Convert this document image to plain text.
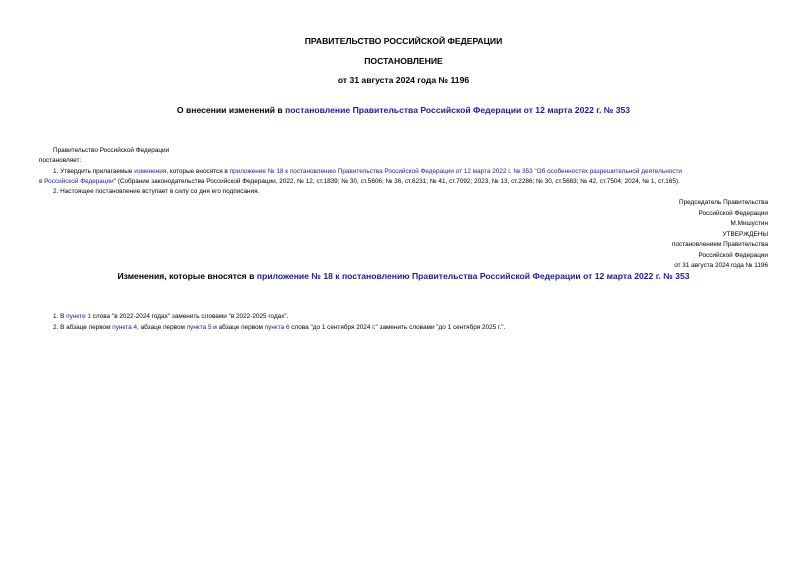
ПРАВИТЕЛЬСТВО РОССИЙСКОЙ ФЕДЕРАЦИИ
ПОСТАНОВЛЕНИЕ
от 31 августа 2024 года № 1196
О внесении изменений в постановление Правительства Российской Федерации от 12 марта 2022 г. № 353
Правительство Российской Федерации
постановляет:
1. Утвердить прилагаемые изменения, которые вносятся в приложение № 18 к постановлению Правительства Российской Федерации от 12 марта 2022 г. № 353 "Об особенностях разрешительной деятельности
в Российской Федерации" (Собрание законодательства Российской Федерации, 2022, № 12, ст.1839; № 30, ст.5606; № 36, ст.6231; № 41, ст.7092; 2023, № 13, ст.2286; № 30, ст.5683; № 42, ст.7504; 2024, № 1, ст.165).
2. Настоящее постановление вступает в силу со дня его подписания.
Председатель Правительства
Российской Федерации
М.Мишустин
УТВЕРЖДЕНЫ
постановлением Правительства
Российской Федерации
от 31 августа 2024 года № 1196
Изменения, которые вносятся в приложение № 18 к постановлению Правительства Российской Федерации от 12 марта 2022 г. № 353
1. В пункте 1 слова "в 2022-2024 годах" заменить словами "в 2022-2025 годах".
2. В абзаце первом пункта 4, абзаце первом пункта 5 и абзаце первом пункта 6 слова "до 1 сентября 2024 г." заменить словами "до 1 сентября 2025 г.".
